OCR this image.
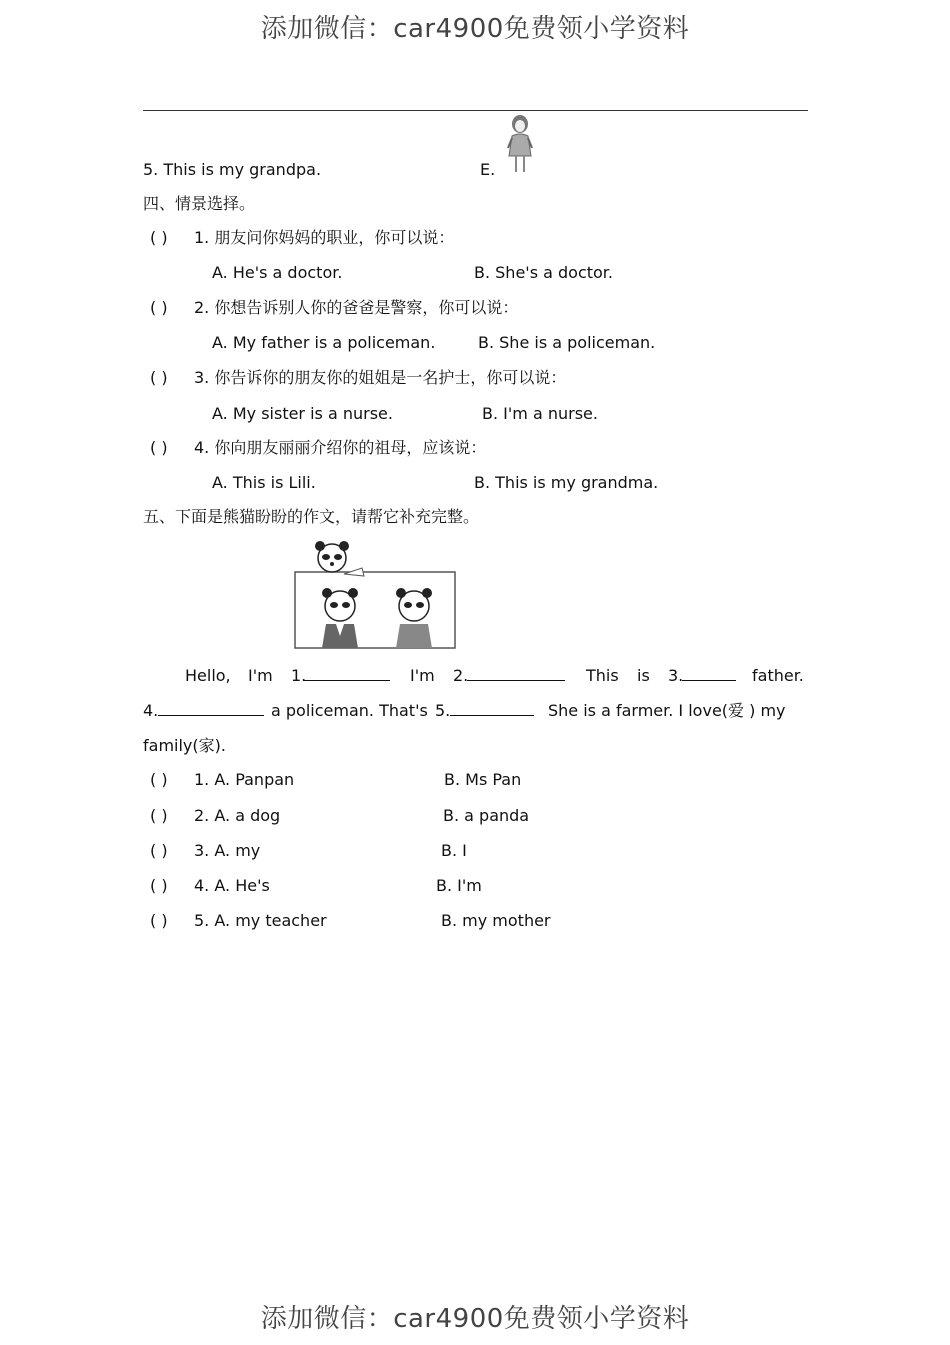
添加微信：car4900免费领小学资料
5. This is my grandpa.	E.
四、情景选择。
( ) 1. 朋友问你妈妈的职业，你可以说：
A. He's a doctor.	B. She's a doctor.
( ) 2. 你想告诉别人你的爸爸是警察，你可以说：
A. My father is a policeman.	B. She is a policeman.
( ) 3. 你告诉你的朋友你的姐姐是一名护士，你可以说：
A. My sister is a nurse.	B. I'm a nurse.
( ) 4. 你向朋友丽丽介绍你的祖母，应该说：
A. This is Lili.	B. This is my grandma.
五、下面是熊猫盼盼的作文，请帮它补充完整。
Hello, I'm 1.	I'm 2.	This is 3.	father.
4.	a policeman. That's 5.	She is a farmer. I love(爱 ) my
family(家).
( ) 1. A. Panpan	B. Ms Pan
( ) 2. A. a dog	B. a panda
( ) 3. A. my	B. I
( ) 4. A. He's	B. I'm
( ) 5. A. my teacher	B. my mother
添加微信：car4900免费领小学资料
